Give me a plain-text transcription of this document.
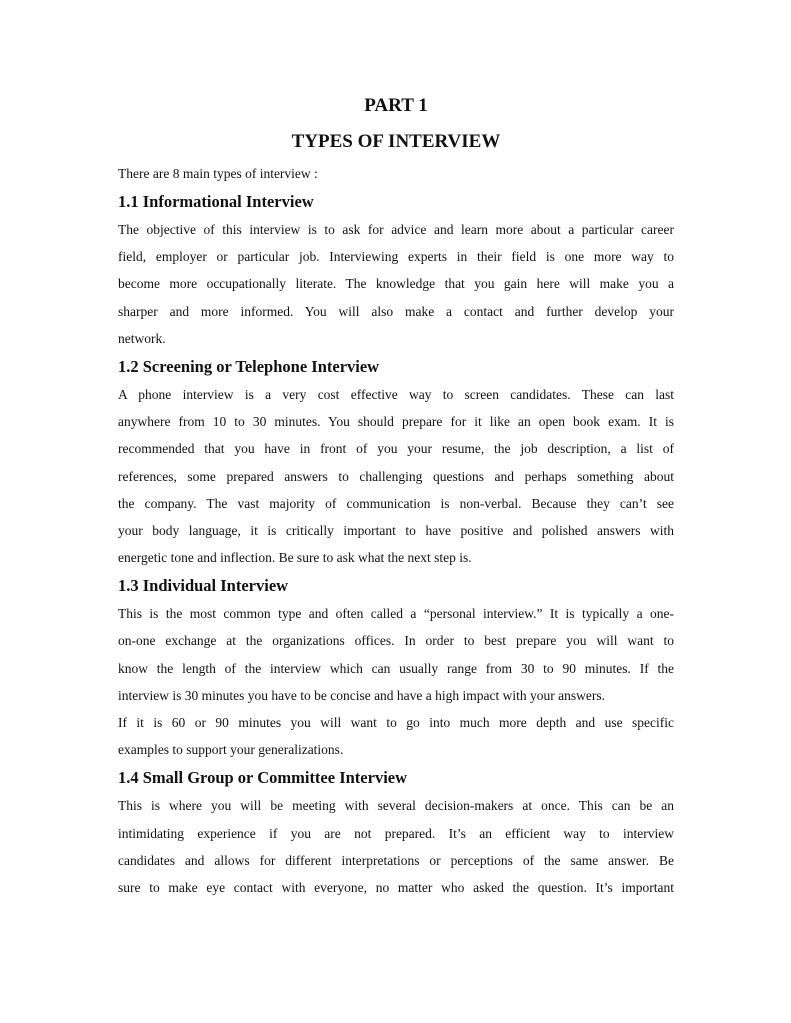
PART 1
TYPES OF INTERVIEW

There are 8 main types of interview :

1.1 Informational Interview
The objective of this interview is to ask for advice and learn more about a particular career
field, employer or particular job. Interviewing experts in their field is one more way to
become more occupationally literate. The knowledge that you gain here will make you a
sharper and more informed. You will also make a contact and further develop your
network.
1.2 Screening or Telephone Interview
A phone interview is a very cost effective way to screen candidates. These can last
anywhere from 10 to 30 minutes. You should prepare for it like an open book exam. It is
recommended that you have in front of you your resume, the job description, a list of
references, some prepared answers to challenging questions and perhaps something about
the company. The vast majority of communication is non-verbal. Because they can’t see
your body language, it is critically important to have positive and polished answers with
energetic tone and inflection. Be sure to ask what the next step is.
1.3 Individual Interview
This is the most common type and often called a “personal interview.” It is typically a one-
on-one exchange at the organizations offices. In order to best prepare you will want to
know the length of the interview which can usually range from 30 to 90 minutes. If the
interview is 30 minutes you have to be concise and have a high impact with your answers.
If it is 60 or 90 minutes you will want to go into much more depth and use specific
examples to support your generalizations.
1.4 Small Group or Committee Interview
This is where you will be meeting with several decision-makers at once. This can be an
intimidating experience if you are not prepared. It’s an efficient way to interview
candidates and allows for different interpretations or perceptions of the same answer. Be
sure to make eye contact with everyone, no matter who asked the question. It’s important
